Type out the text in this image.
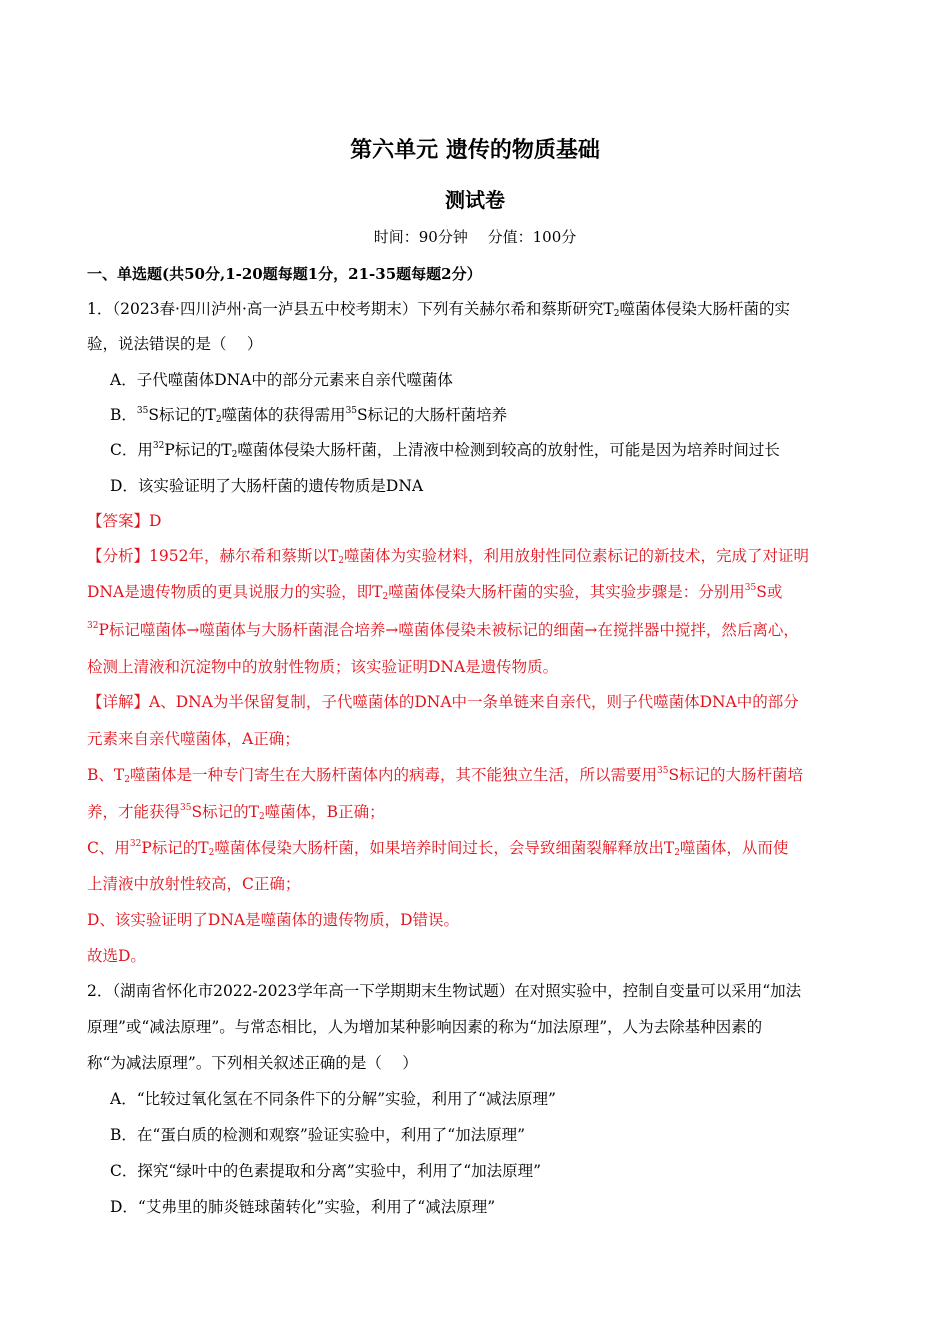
第六单元 遗传的物质基础
测试卷
时间：90分钟　 分值：100分
一、单选题(共50分,1-20题每题1分，21-35题每题2分）
1．（2023春·四川泸州·高一泸县五中校考期末）下列有关赫尔希和蔡斯研究$T_2$噬菌体侵染大肠杆菌的实
验，说法错误的是（　 ）
A．子代噬菌体DNA中的部分元素来自亲代噬菌体
B．$^{35}$S标记的$T_2$噬菌体的获得需用$^{35}$S标记的大肠杆菌培养
C．用$^{32}$P标记的$T_2$噬菌体侵染大肠杆菌，上清液中检测到较高的放射性，可能是因为培养时间过长
D．该实验证明了大肠杆菌的遗传物质是DNA
【答案】D
【分析】1952年，赫尔希和蔡斯以$T_2$噬菌体为实验材料，利用放射性同位素标记的新技术，完成了对证明
DNA是遗传物质的更具说服力的实验，即$T_2$噬菌体侵染大肠杆菌的实验，其实验步骤是：分别用$^{35}$S或
$^{32}$P标记噬菌体→噬菌体与大肠杆菌混合培养→噬菌体侵染未被标记的细菌→在搅拌器中搅拌，然后离心，
检测上清液和沉淀物中的放射性物质；该实验证明DNA是遗传物质。
【详解】A、DNA为半保留复制，子代噬菌体的DNA中一条单链来自亲代，则子代噬菌体DNA中的部分
元素来自亲代噬菌体，A正确；
B、$T_2$噬菌体是一种专门寄生在大肠杆菌体内的病毒，其不能独立生活，所以需要用$^{35}$S标记的大肠杆菌培
养，才能获得$^{35}$S标记的$T_2$噬菌体，B正确；
C、用$^{32}$P标记的$T_2$噬菌体侵染大肠杆菌，如果培养时间过长，会导致细菌裂解释放出$T_2$噬菌体，从而使
上清液中放射性较高，C正确；
D、该实验证明了DNA是噬菌体的遗传物质，D错误。
故选D。
2．（湖南省怀化市2022-2023学年高一下学期期末生物试题）在对照实验中，控制自变量可以采用“加法
原理”或“减法原理”。与常态相比，人为增加某种影响因素的称为“加法原理”，人为去除基种因素的
称“为减法原理”。下列相关叙述正确的是（　 ）
A．“比较过氧化氢在不同条件下的分解”实验，利用了“减法原理”
B．在“蛋白质的检测和观察”验证实验中，利用了“加法原理”
C．探究“绿叶中的色素提取和分离”实验中，利用了“加法原理”
D．“艾弗里的肺炎链球菌转化”实验，利用了“减法原理”
